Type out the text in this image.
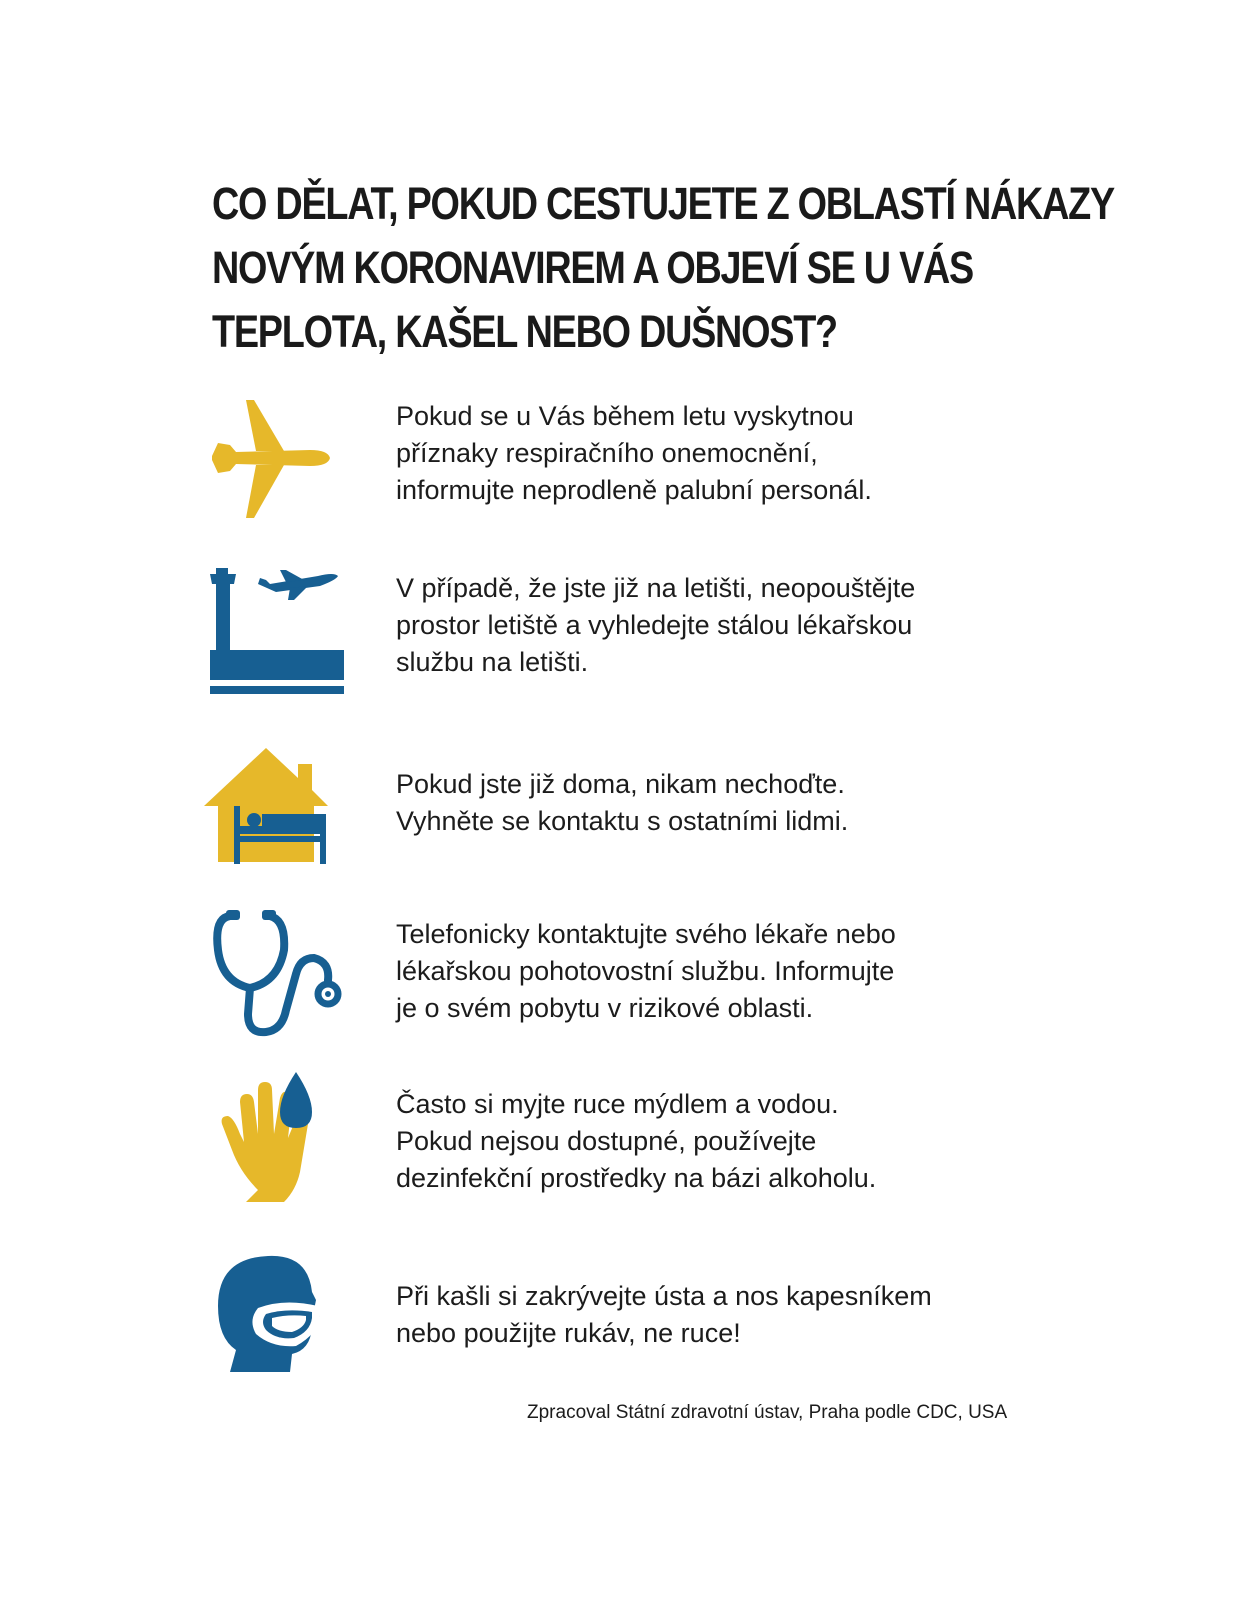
CO DĚLAT, POKUD CESTUJETE Z OBLASTÍ NÁKAZY
NOVÝM KORONAVIREM A OBJEVÍ SE U VÁS
TEPLOTA, KAŠEL NEBO DUŠNOST?
Pokud se u Vás během letu vyskytnou
příznaky respiračního onemocnění,
informujte neprodleně palubní personál.
V případě, že jste již na letišti, neopouštějte
prostor letiště a vyhledejte stálou lékařskou
službu na letišti.
Pokud jste již doma, nikam nechoďte.
Vyhněte se kontaktu s ostatními lidmi.
Telefonicky kontaktujte svého lékaře nebo
lékařskou pohotovostní službu. Informujte
je o svém pobytu v rizikové oblasti.
Často si myjte ruce mýdlem a vodou.
Pokud nejsou dostupné, používejte
dezinfekční prostředky na bázi alkoholu.
Při kašli si zakrývejte ústa a nos kapesníkem
nebo použijte rukáv, ne ruce!
Zpracoval Státní zdravotní ústav, Praha podle CDC, USA
